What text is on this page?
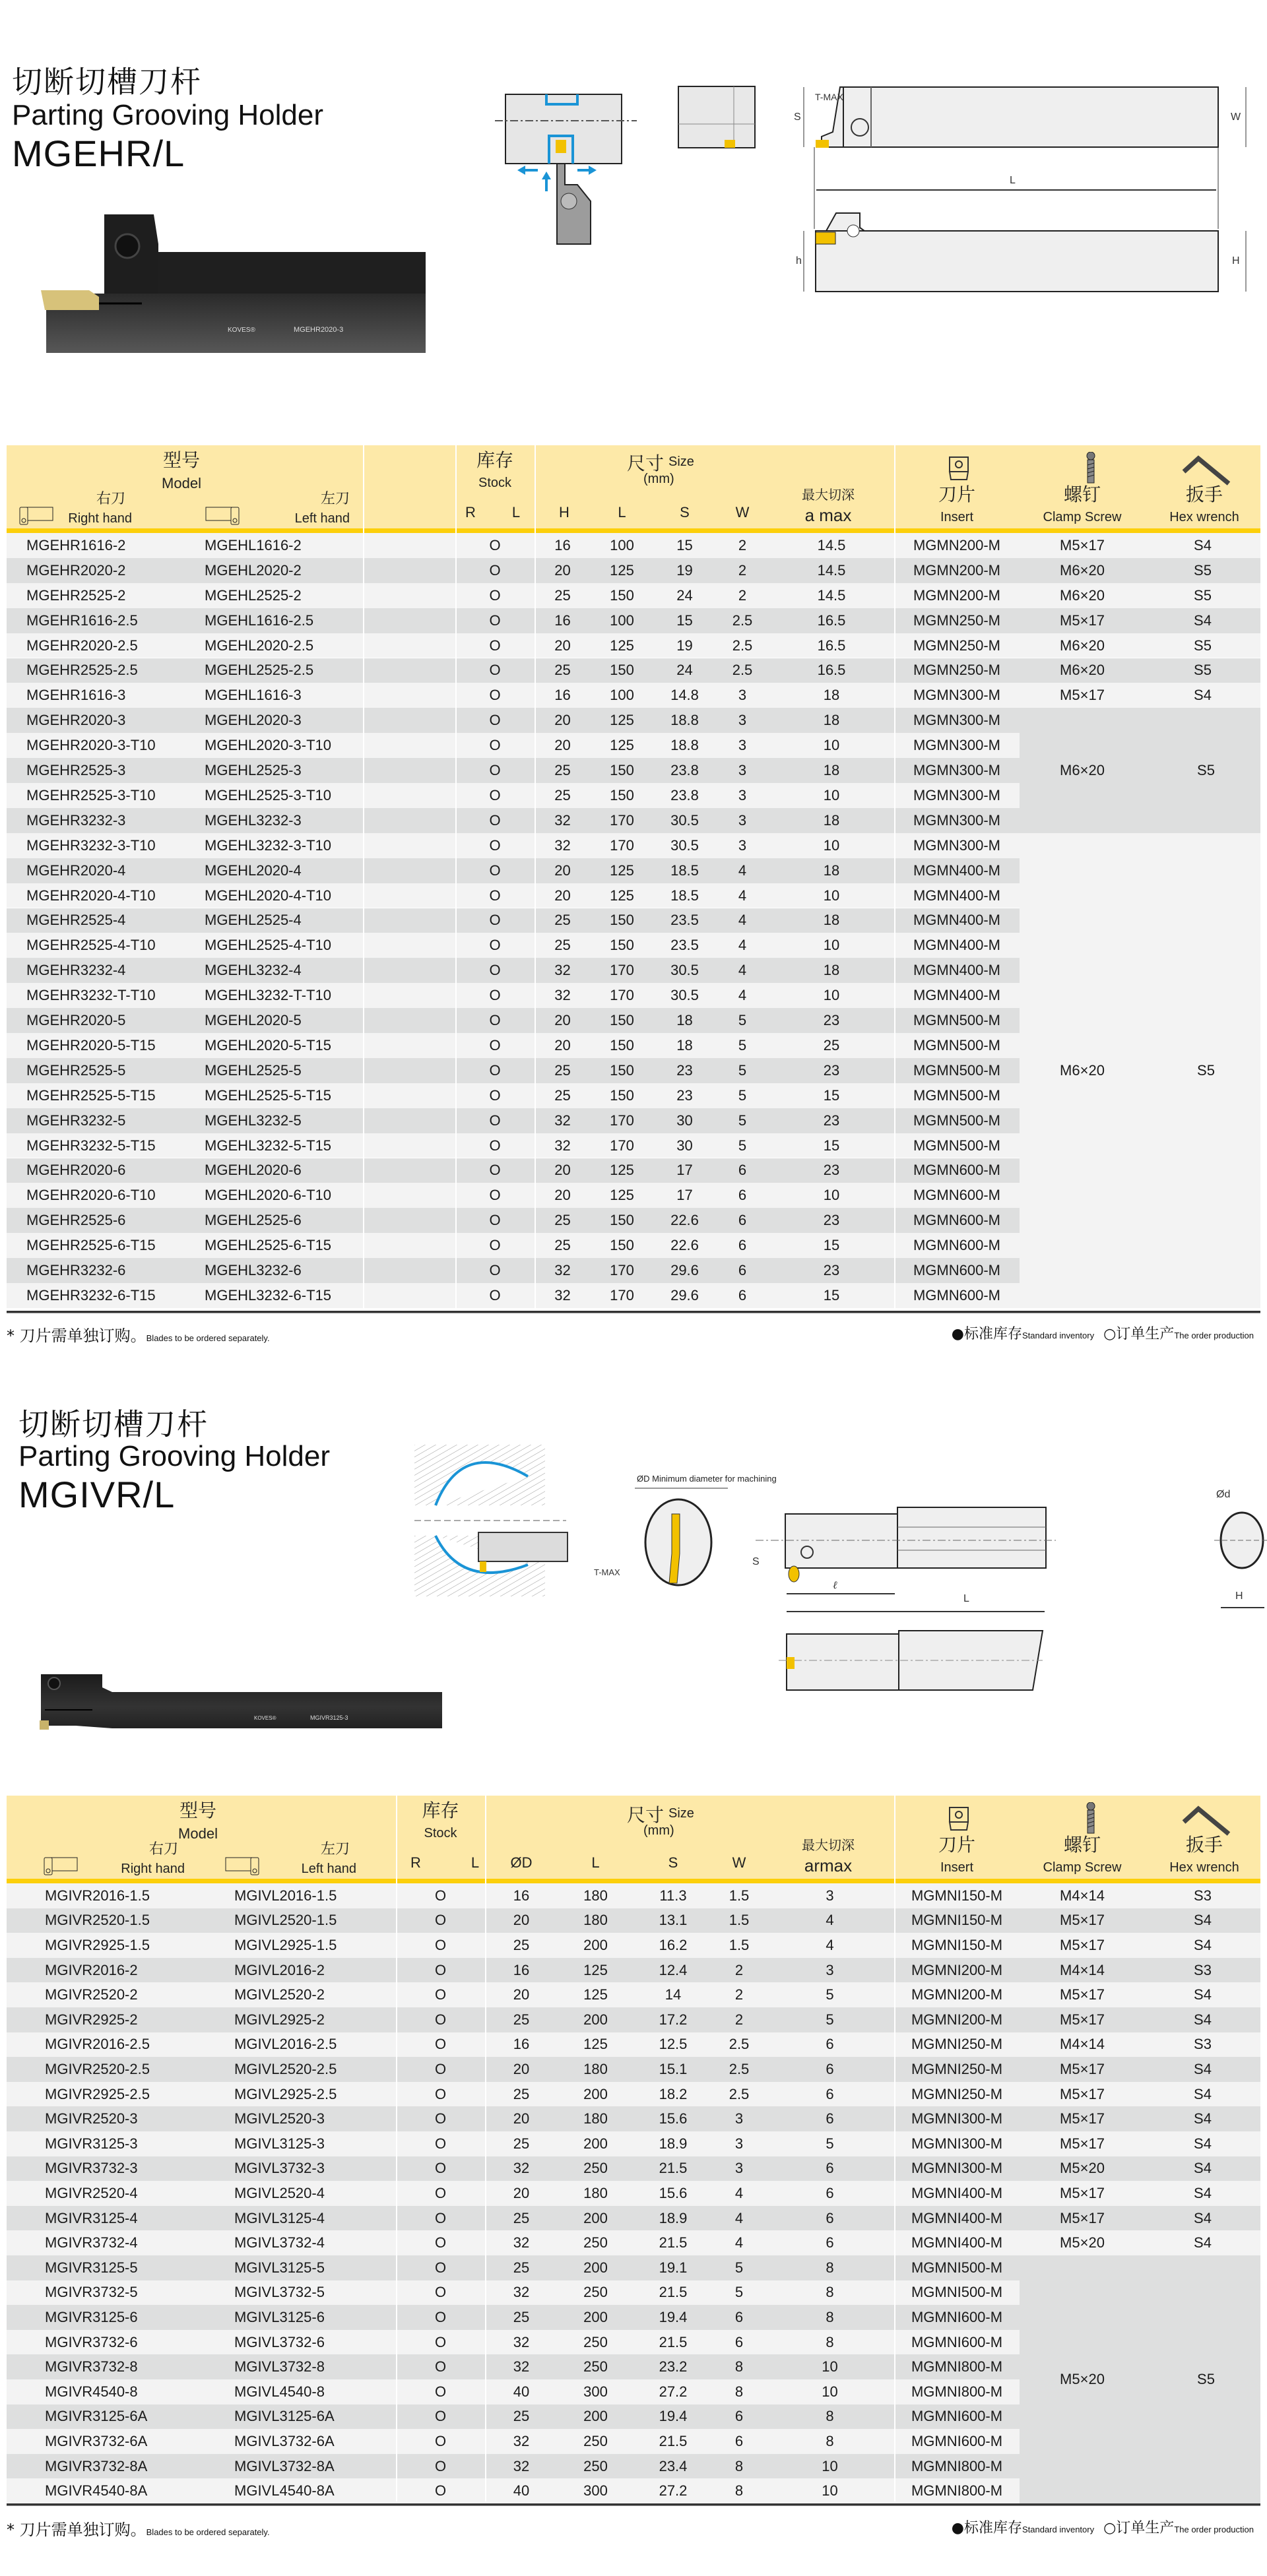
切断切槽刀杆
Parting Grooving Holder
MGEHR/L
KOVES®	MGEHR2020-3
T-MAX
S	W
L
h	H
型号
Model
右刀
Right hand
左刀
Left hand
库存
Stock
R	L
尺寸 Size
(mm)
H	L	S	W
最大切深
a max
刀片
Insert
螺钉
Clamp Screw
扳手
Hex wrench
MGEHR1616-2	MGEHL1616-2	O	16	100	15	2	14.5	MGMN200-M	M5×17	S4
MGEHR2020-2	MGEHL2020-2	O	20	125	19	2	14.5	MGMN200-M	M6×20	S5
MGEHR2525-2	MGEHL2525-2	O	25	150	24	2	14.5	MGMN200-M	M6×20	S5
MGEHR1616-2.5	MGEHL1616-2.5	O	16	100	15	2.5	16.5	MGMN250-M	M5×17	S4
MGEHR2020-2.5	MGEHL2020-2.5	O	20	125	19	2.5	16.5	MGMN250-M	M6×20	S5
MGEHR2525-2.5	MGEHL2525-2.5	O	25	150	24	2.5	16.5	MGMN250-M	M6×20	S5
MGEHR1616-3	MGEHL1616-3	O	16	100	14.8	3	18	MGMN300-M	M5×17	S4
MGEHR2020-3	MGEHL2020-3	O	20	125	18.8	3	18	MGMN300-M
MGEHR2020-3-T10	MGEHL2020-3-T10	O	20	125	18.8	3	10	MGMN300-M
MGEHR2525-3	MGEHL2525-3	O	25	150	23.8	3	18	MGMN300-M
MGEHR2525-3-T10	MGEHL2525-3-T10	O	25	150	23.8	3	10	MGMN300-M
MGEHR3232-3	MGEHL3232-3	O	32	170	30.5	3	18	MGMN300-M
MGEHR3232-3-T10	MGEHL3232-3-T10	O	32	170	30.5	3	10	MGMN300-M
MGEHR2020-4	MGEHL2020-4	O	20	125	18.5	4	18	MGMN400-M
MGEHR2020-4-T10	MGEHL2020-4-T10	O	20	125	18.5	4	10	MGMN400-M
MGEHR2525-4	MGEHL2525-4	O	25	150	23.5	4	18	MGMN400-M
MGEHR2525-4-T10	MGEHL2525-4-T10	O	25	150	23.5	4	10	MGMN400-M
MGEHR3232-4	MGEHL3232-4	O	32	170	30.5	4	18	MGMN400-M
MGEHR3232-T-T10	MGEHL3232-T-T10	O	32	170	30.5	4	10	MGMN400-M
MGEHR2020-5	MGEHL2020-5	O	20	150	18	5	23	MGMN500-M
MGEHR2020-5-T15	MGEHL2020-5-T15	O	20	150	18	5	25	MGMN500-M
MGEHR2525-5	MGEHL2525-5	O	25	150	23	5	23	MGMN500-M
MGEHR2525-5-T15	MGEHL2525-5-T15	O	25	150	23	5	15	MGMN500-M
MGEHR3232-5	MGEHL3232-5	O	32	170	30	5	23	MGMN500-M
MGEHR3232-5-T15	MGEHL3232-5-T15	O	32	170	30	5	15	MGMN500-M
MGEHR2020-6	MGEHL2020-6	O	20	125	17	6	23	MGMN600-M
MGEHR2020-6-T10	MGEHL2020-6-T10	O	20	125	17	6	10	MGMN600-M
MGEHR2525-6	MGEHL2525-6	O	25	150	22.6	6	23	MGMN600-M
MGEHR2525-6-T15	MGEHL2525-6-T15	O	25	150	22.6	6	15	MGMN600-M
MGEHR3232-6	MGEHL3232-6	O	32	170	29.6	6	23	MGMN600-M
MGEHR3232-6-T15	MGEHL3232-6-T15	O	32	170	29.6	6	15	MGMN600-M
M6×20	S5
M6×20	S5
* 刀片需单独订购。Blades to be ordered separately.	●标准库存Standard inventory ○订单生产The order production
切断切槽刀杆
Parting Grooving Holder
MGIVR/L
KOVES®	MGIVR3125-3
ØD Minimum diameter for machining
T-MAX
S
ℓ
L
Ød
H
型号
Model
右刀
Right hand
左刀
Left hand
库存
Stock
R	L
尺寸 Size
(mm)
ØD	L	S	W
最大切深
armax
刀片
Insert
螺钉
Clamp Screw
扳手
Hex wrench
MGIVR2016-1.5	MGIVL2016-1.5	O	16	180	11.3	1.5	3	MGMNI150-M	M4×14	S3
MGIVR2520-1.5	MGIVL2520-1.5	O	20	180	13.1	1.5	4	MGMNI150-M	M5×17	S4
MGIVR2925-1.5	MGIVL2925-1.5	O	25	200	16.2	1.5	4	MGMNI150-M	M5×17	S4
MGIVR2016-2	MGIVL2016-2	O	16	125	12.4	2	3	MGMNI200-M	M4×14	S3
MGIVR2520-2	MGIVL2520-2	O	20	125	14	2	5	MGMNI200-M	M5×17	S4
MGIVR2925-2	MGIVL2925-2	O	25	200	17.2	2	5	MGMNI200-M	M5×17	S4
MGIVR2016-2.5	MGIVL2016-2.5	O	16	125	12.5	2.5	6	MGMNI250-M	M4×14	S3
MGIVR2520-2.5	MGIVL2520-2.5	O	20	180	15.1	2.5	6	MGMNI250-M	M5×17	S4
MGIVR2925-2.5	MGIVL2925-2.5	O	25	200	18.2	2.5	6	MGMNI250-M	M5×17	S4
MGIVR2520-3	MGIVL2520-3	O	20	180	15.6	3	6	MGMNI300-M	M5×17	S4
MGIVR3125-3	MGIVL3125-3	O	25	200	18.9	3	5	MGMNI300-M	M5×17	S4
MGIVR3732-3	MGIVL3732-3	O	32	250	21.5	3	6	MGMNI300-M	M5×20	S4
MGIVR2520-4	MGIVL2520-4	O	20	180	15.6	4	6	MGMNI400-M	M5×17	S4
MGIVR3125-4	MGIVL3125-4	O	25	200	18.9	4	6	MGMNI400-M	M5×17	S4
MGIVR3732-4	MGIVL3732-4	O	32	250	21.5	4	6	MGMNI400-M	M5×20	S4
MGIVR3125-5	MGIVL3125-5	O	25	200	19.1	5	8	MGMNI500-M
MGIVR3732-5	MGIVL3732-5	O	32	250	21.5	5	8	MGMNI500-M
MGIVR3125-6	MGIVL3125-6	O	25	200	19.4	6	8	MGMNI600-M
MGIVR3732-6	MGIVL3732-6	O	32	250	21.5	6	8	MGMNI600-M
MGIVR3732-8	MGIVL3732-8	O	32	250	23.2	8	10	MGMNI800-M
MGIVR4540-8	MGIVL4540-8	O	40	300	27.2	8	10	MGMNI800-M
MGIVR3125-6A	MGIVL3125-6A	O	25	200	19.4	6	8	MGMNI600-M
MGIVR3732-6A	MGIVL3732-6A	O	32	250	21.5	6	8	MGMNI600-M
MGIVR3732-8A	MGIVL3732-8A	O	32	250	23.4	8	10	MGMNI800-M
MGIVR4540-8A	MGIVL4540-8A	O	40	300	27.2	8	10	MGMNI800-M
M5×20	S5
* 刀片需单独订购。Blades to be ordered separately.	●标准库存Standard inventory ○订单生产The order production
